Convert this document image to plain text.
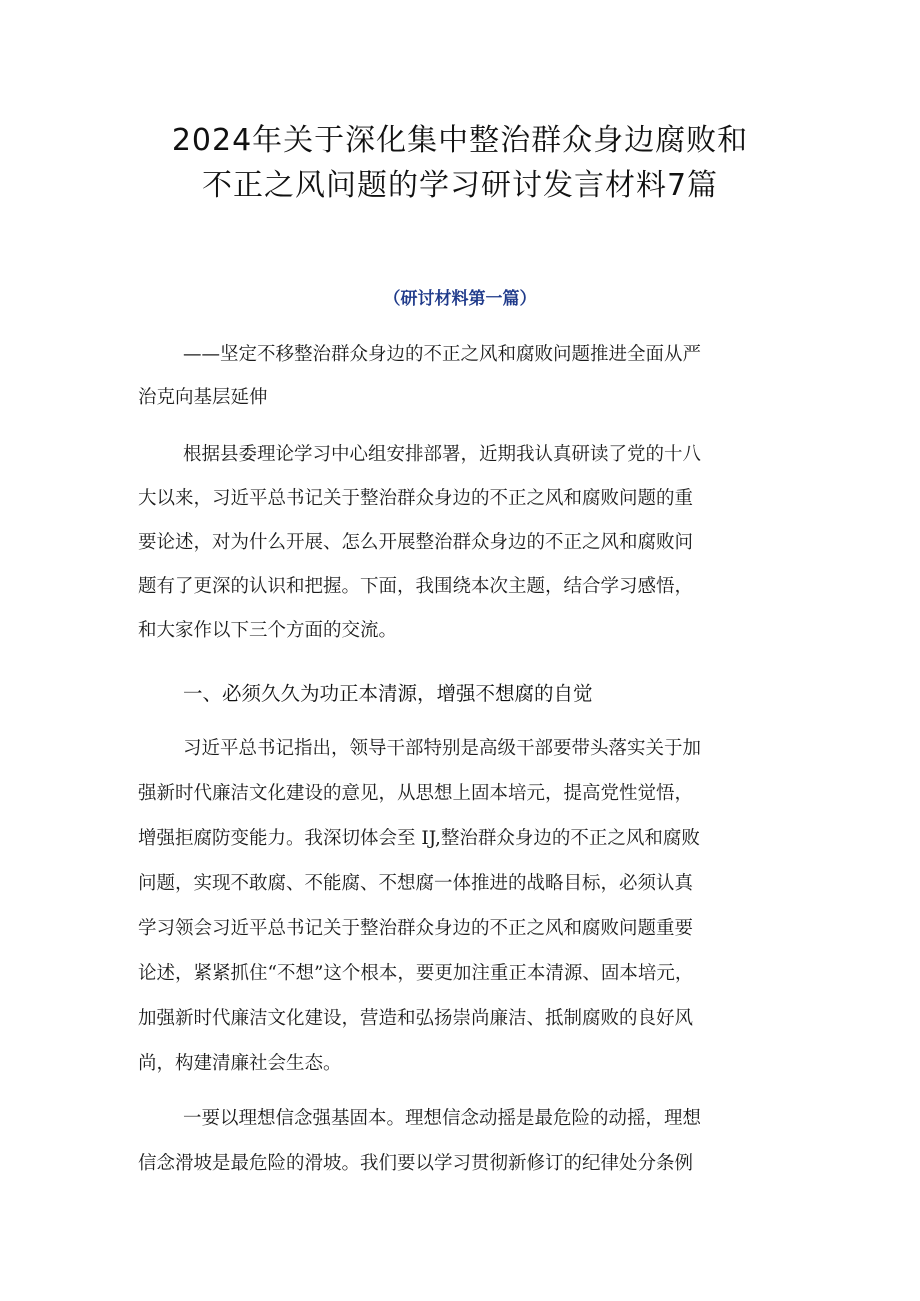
2024年关于深化集中整治群众身边腐败和
不正之风问题的学习研讨发言材料7篇
（研讨材料第一篇）
——坚定不移整治群众身边的不正之风和腐败问题推进全面从严
治克向基层延伸
根据县委理论学习中心组安排部署，近期我认真研读了党的十八
大以来，习近平总书记关于整治群众身边的不正之风和腐败问题的重
要论述，对为什么开展、怎么开展整治群众身边的不正之风和腐败问
题有了更深的认识和把握。下面，我围绕本次主题，结合学习感悟，
和大家作以下三个方面的交流。
一、必须久久为功正本清源，增强不想腐的自觉
习近平总书记指出，领导干部特别是高级干部要带头落实关于加
强新时代廉洁文化建设的意见，从思想上固本培元，提高党性觉悟，
增强拒腐防变能力。我深切体会至 IJ,整治群众身边的不正之风和腐败
问题，实现不敢腐、不能腐、不想腐一体推进的战略目标，必须认真
学习领会习近平总书记关于整治群众身边的不正之风和腐败问题重要
论述，紧紧抓住“不想”这个根本，要更加注重正本清源、固本培元，
加强新时代廉洁文化建设，营造和弘扬崇尚廉洁、抵制腐败的良好风
尚，构建清廉社会生态。
一要以理想信念强基固本。理想信念动摇是最危险的动摇，理想
信念滑坡是最危险的滑坡。我们要以学习贯彻新修订的纪律处分条例
